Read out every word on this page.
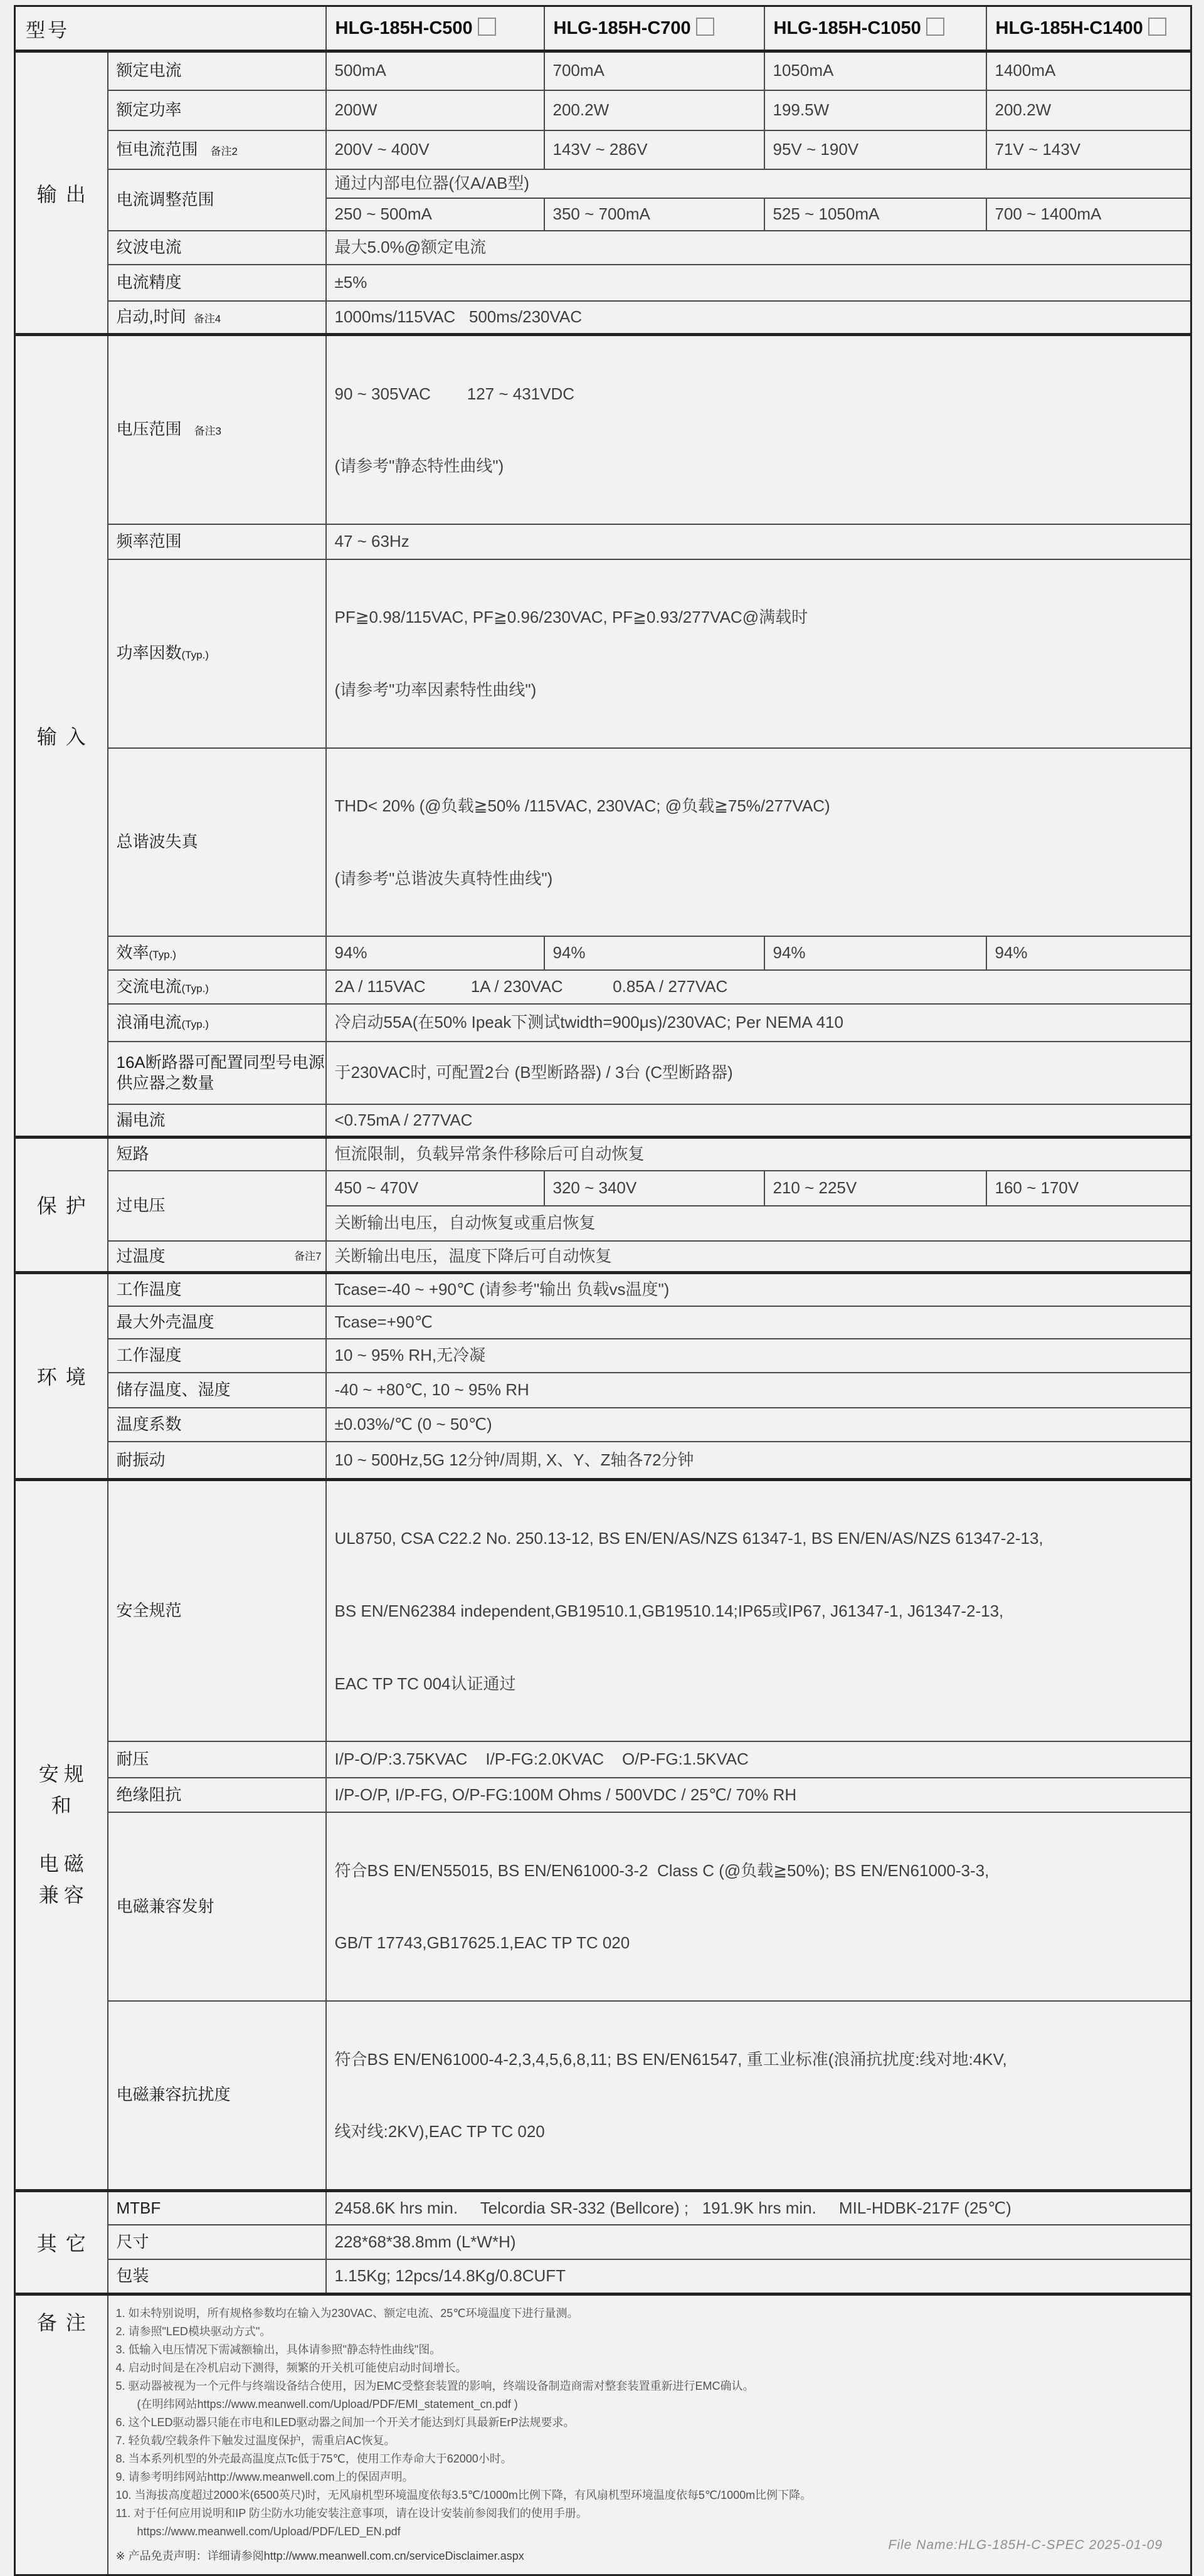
型号		HLG-185H-C500	HLG-185H-C700	HLG-185H-C1050	HLG-185H-C1400
输出	额定电流	500mA	700mA	1050mA	1400mA
	额定功率	200W	200.2W	199.5W	200.2W
	恒电流范围 备注2	200V ~ 400V	143V ~ 286V	95V ~ 190V	71V ~ 143V
	电流调整范围	通过内部电位器(仅A/AB型)			
		250 ~ 500mA	350 ~ 700mA	525 ~ 1050mA	700 ~ 1400mA
	纹波电流	最大5.0%@额定电流			
	电流精度	±5%			
	启动,时间 备注4	1000ms/115VAC   500ms/230VAC			
输入	电压范围 备注3	90 ~ 305VAC        127 ~ 431VDC

(请参考"静态特性曲线")			

	频率范围	47 ~ 63Hz			
	功率因数(Typ.)	PF≧0.98/115VAC, PF≧0.96/230VAC, PF≧0.93/277VAC@满载时

(请参考"功率因素特性曲线")			

	总谐波失真	THD< 20% (@负载≧50% /115VAC, 230VAC; @负载≧75%/277VAC)

(请参考"总谐波失真特性曲线")			

	效率(Typ.)	94%	94%	94%	94%
	交流电流(Typ.)	2A / 115VAC          1A / 230VAC           0.85A / 277VAC			
	浪涌电流(Typ.)	冷启动55A(在50% Ipeak下测试twidth=900μs)/230VAC; Per NEMA 410			
	16A断路器可配置同型号电源供应器之数量	于230VAC时, 可配置2台 (B型断路器) / 3台 (C型断路器)			
	漏电流	<0.75mA / 277VAC			
保护	短路	恒流限制，负载异常条件移除后可自动恢复			
	过电压	450 ~ 470V	320 ~ 340V	210 ~ 225V	160 ~ 170V
		关断输出电压，自动恢复或重启恢复			

	过温度 备注7	关断输出电压，温度下降后可自动恢复			
环境	工作温度	Tcase=-40 ~ +90℃ (请参考"输出 负载vs温度")			
	最大外壳温度	Tcase=+90℃			
	工作湿度	10 ~ 95% RH,无冷凝			
	储存温度、湿度	-40 ~ +80℃, 10 ~ 95% RH			
	温度系数	±0.03%/℃ (0 ~ 50℃)			
	耐振动	10 ~ 500Hz,5G 12分钟/周期, X、Y、Z轴各72分钟			

安规
和
电磁
兼容
	安全规范	

UL8750, CSA C22.2 No. 250.13-12, BS EN/EN/AS/NZS 61347-1, BS EN/EN/AS/NZS 61347-2-13,

BS EN/EN62384 independent,GB19510.1,GB19510.14;IP65或IP67, J61347-1, J61347-2-13,

EAC TP TC 004认证通过

	耐压	I/P-O/P:3.75KVAC    I/P-FG:2.0KVAC    O/P-FG:1.5KVAC			
	绝缘阻抗	I/P-O/P, I/P-FG, O/P-FG:100M Ohms / 500VDC / 25℃/ 70% RH			
	电磁兼容发射	符合BS EN/EN55015, BS EN/EN61000-3-2  Class C (@负载≧50%); BS EN/EN61000-3-3,

GB/T 17743,GB17625.1,EAC TP TC 020			

	电磁兼容抗扰度	符合BS EN/EN61000-4-2,3,4,5,6,8,11; BS EN/EN61547, 重工业标准(浪涌抗扰度:线对地:4KV,

线对线:2KV),EAC TP TC 020			

其它	MTBF	2458.6K hrs min.     Telcordia SR-332 (Bellcore) ;   191.9K hrs min.     MIL-HDBK-217F (25℃)			
	尺寸	228*68*38.8mm (L*W*H)			
	包装	1.15Kg; 12pcs/14.8Kg/0.8CUFT			
备注	1. 如未特别说明，所有规格参数均在输入为230VAC、额定电流、25℃环境温度下进行量测。
2. 请参照"LED模块驱动方式"。
3. 低输入电压情况下需减额输出，具体请参照"静态特性曲线"图。
4. 启动时间是在冷机启动下测得，频繁的开关机可能使启动时间增长。
5. 驱动器被视为一个元件与终端设备结合使用，因为EMC受整套装置的影响，终端设备制造商需对整套装置重新进行EMC确认。
(在明纬网站https://www.meanwell.com/Upload/PDF/EMI_statement_cn.pdf )
6. 这个LED驱动器只能在市电和LED驱动器之间加一个开关才能达到灯具最新ErP法规要求。
7. 轻负载/空载条件下触发过温度保护，需重启AC恢复。
8. 当本系列机型的外壳最高温度点Tc低于75℃，使用工作寿命大于62000小时。
9. 请参考明纬网站http://www.meanwell.com上的保固声明。
10. 当海拔高度超过2000米(6500英尺)时，无风扇机型环境温度依每3.5℃/1000m比例下降，有风扇机型环境温度依每5℃/1000m比例下降。
11. 对于任何应用说明和IP 防尘防水功能安装注意事项，请在设计安装前参阅我们的使用手册。
https://www.meanwell.com/Upload/PDF/LED_EN.pdf
※ 产品免责声明：详细请参阅http://www.meanwell.com.cn/serviceDisclaimer.aspx
File Name:HLG-185H-C-SPEC 2025-01-09
